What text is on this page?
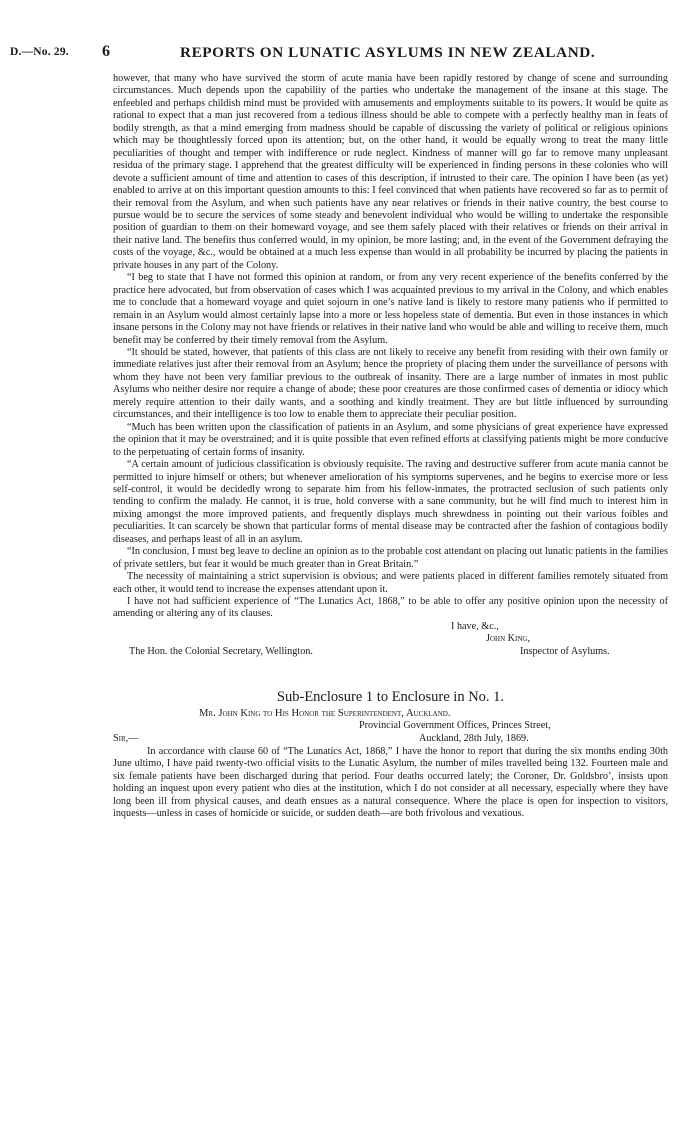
D.—No. 29. 6	REPORTS ON LUNATIC ASYLUMS IN NEW ZEALAND.

however, that many who have survived the storm of acute mania have been rapidly restored by change of scene and surrounding circumstances. Much depends upon the capability of the parties who undertake the management of the insane at this stage. The enfeebled and perhaps childish mind must be provided with amusements and employments suitable to its powers. It would be quite as rational to expect that a man just recovered from a tedious illness should be able to compete with a perfectly healthy man in feats of bodily strength, as that a mind emerging from madness should be capable of discussing the variety of political or religious opinions which may be thoughtlessly forced upon its attention; but, on the other hand, it would be equally wrong to treat the many little peculiarities of thought and temper with indifference or rude neglect. Kindness of manner will go far to remove many unpleasant residua of the primary stage. I apprehend that the greatest difficulty will be experienced in finding persons in these colonies who will devote a sufficient amount of time and attention to cases of this description, if intrusted to their care. The opinion I have been (as yet) enabled to arrive at on this important question amounts to this: I feel convinced that when patients have recovered so far as to permit of their removal from the Asylum, and when such patients have any near relatives or friends in their native country, the best course to pursue would be to secure the services of some steady and benevolent individual who would be willing to undertake the responsible position of guardian to them on their homeward voyage, and see them safely placed with their relatives or friends on their arrival in their native land. The benefits thus conferred would, in my opinion, be more lasting; and, in the event of the Government defraying the costs of the voyage, &c., would be obtained at a much less expense than would in all probability be incurred by placing the patients in private houses in any part of the Colony.

“I beg to state that I have not formed this opinion at random, or from any very recent experience of the benefits conferred by the practice here advocated, but from observation of cases which I was acquainted previous to my arrival in the Colony, and which enables me to conclude that a homeward voyage and quiet sojourn in one’s native land is likely to restore many patients who if permitted to remain in an Asylum would almost certainly lapse into a more or less hopeless state of dementia. But even in those instances in which insane persons in the Colony may not have friends or relatives in their native land who would be able and willing to receive them, much benefit may be conferred by their timely removal from the Asylum.

“It should be stated, however, that patients of this class are not likely to receive any benefit from residing with their own family or immediate relatives just after their removal from an Asylum; hence the propriety of placing them under the surveillance of persons with whom they have not been very familiar previous to the outbreak of insanity. There are a large number of inmates in most public Asylums who neither desire nor require a change of abode; these poor creatures are those confirmed cases of dementia or idiocy which merely require attention to their daily wants, and a soothing and kindly treatment. They are but little influenced by surrounding circumstances, and their intelligence is too low to enable them to appreciate their peculiar position.

“Much has been written upon the classification of patients in an Asylum, and some physicians of great experience have expressed the opinion that it may be overstrained; and it is quite possible that even refined efforts at classifying patients might be more conducive to the perpetuating of certain forms of insanity.

“A certain amount of judicious classification is obviously requisite. The raving and destructive sufferer from acute mania cannot be permitted to injure himself or others; but whenever amelioration of his symptoms supervenes, and he begins to exercise more or less self-control, it would be decidedly wrong to separate him from his fellow-inmates, the protracted seclusion of such patients only tending to confirm the malady. He cannot, it is true, hold converse with a sane community, but he will find much to interest him in mixing amongst the more improved patients, and frequently displays much shrewdness in pointing out their various foibles and peculiarities. It can scarcely be shown that particular forms of mental disease may be contracted after the fashion of contagious bodily diseases, and perhaps least of all in an asylum.

“In conclusion, I must beg leave to decline an opinion as to the probable cost attendant on placing out lunatic patients in the families of private settlers, but fear it would be much greater than in Great Britain.”

The necessity of maintaining a strict supervision is obvious; and were patients placed in different families remotely situated from each other, it would tend to increase the expenses attendant upon it.

I have not had sufficient experience of “The Lunatics Act, 1868,” to be able to offer any positive opinion upon the necessity of amending or altering any of its clauses.

I have, &c.,
John King,
The Hon. the Colonial Secretary, Wellington.	Inspector of Asylums.
Sub-Enclosure 1 to Enclosure in No. 1.
Mr. John King to His Honor the Superintendent, Auckland.
Provincial Government Offices, Princes Street,
Sir,—	Auckland, 28th July, 1869.

In accordance with clause 60 of “The Lunatics Act, 1868,” I have the honor to report that during the six months ending 30th June ultimo, I have paid twenty-two official visits to the Lunatic Asylum, the number of miles travelled being 132. Fourteen male and six female patients have been discharged during that period. Four deaths occurred lately; the Coroner, Dr. Goldsbro’, insists upon holding an inquest upon every patient who dies at the institution, which I do not consider at all necessary, especially where they have long been ill from physical causes, and death ensues as a natural consequence. Where the place is open for inspection to visitors, inquests—unless in cases of homicide or suicide, or sudden death—are both frivolous and vexatious.
